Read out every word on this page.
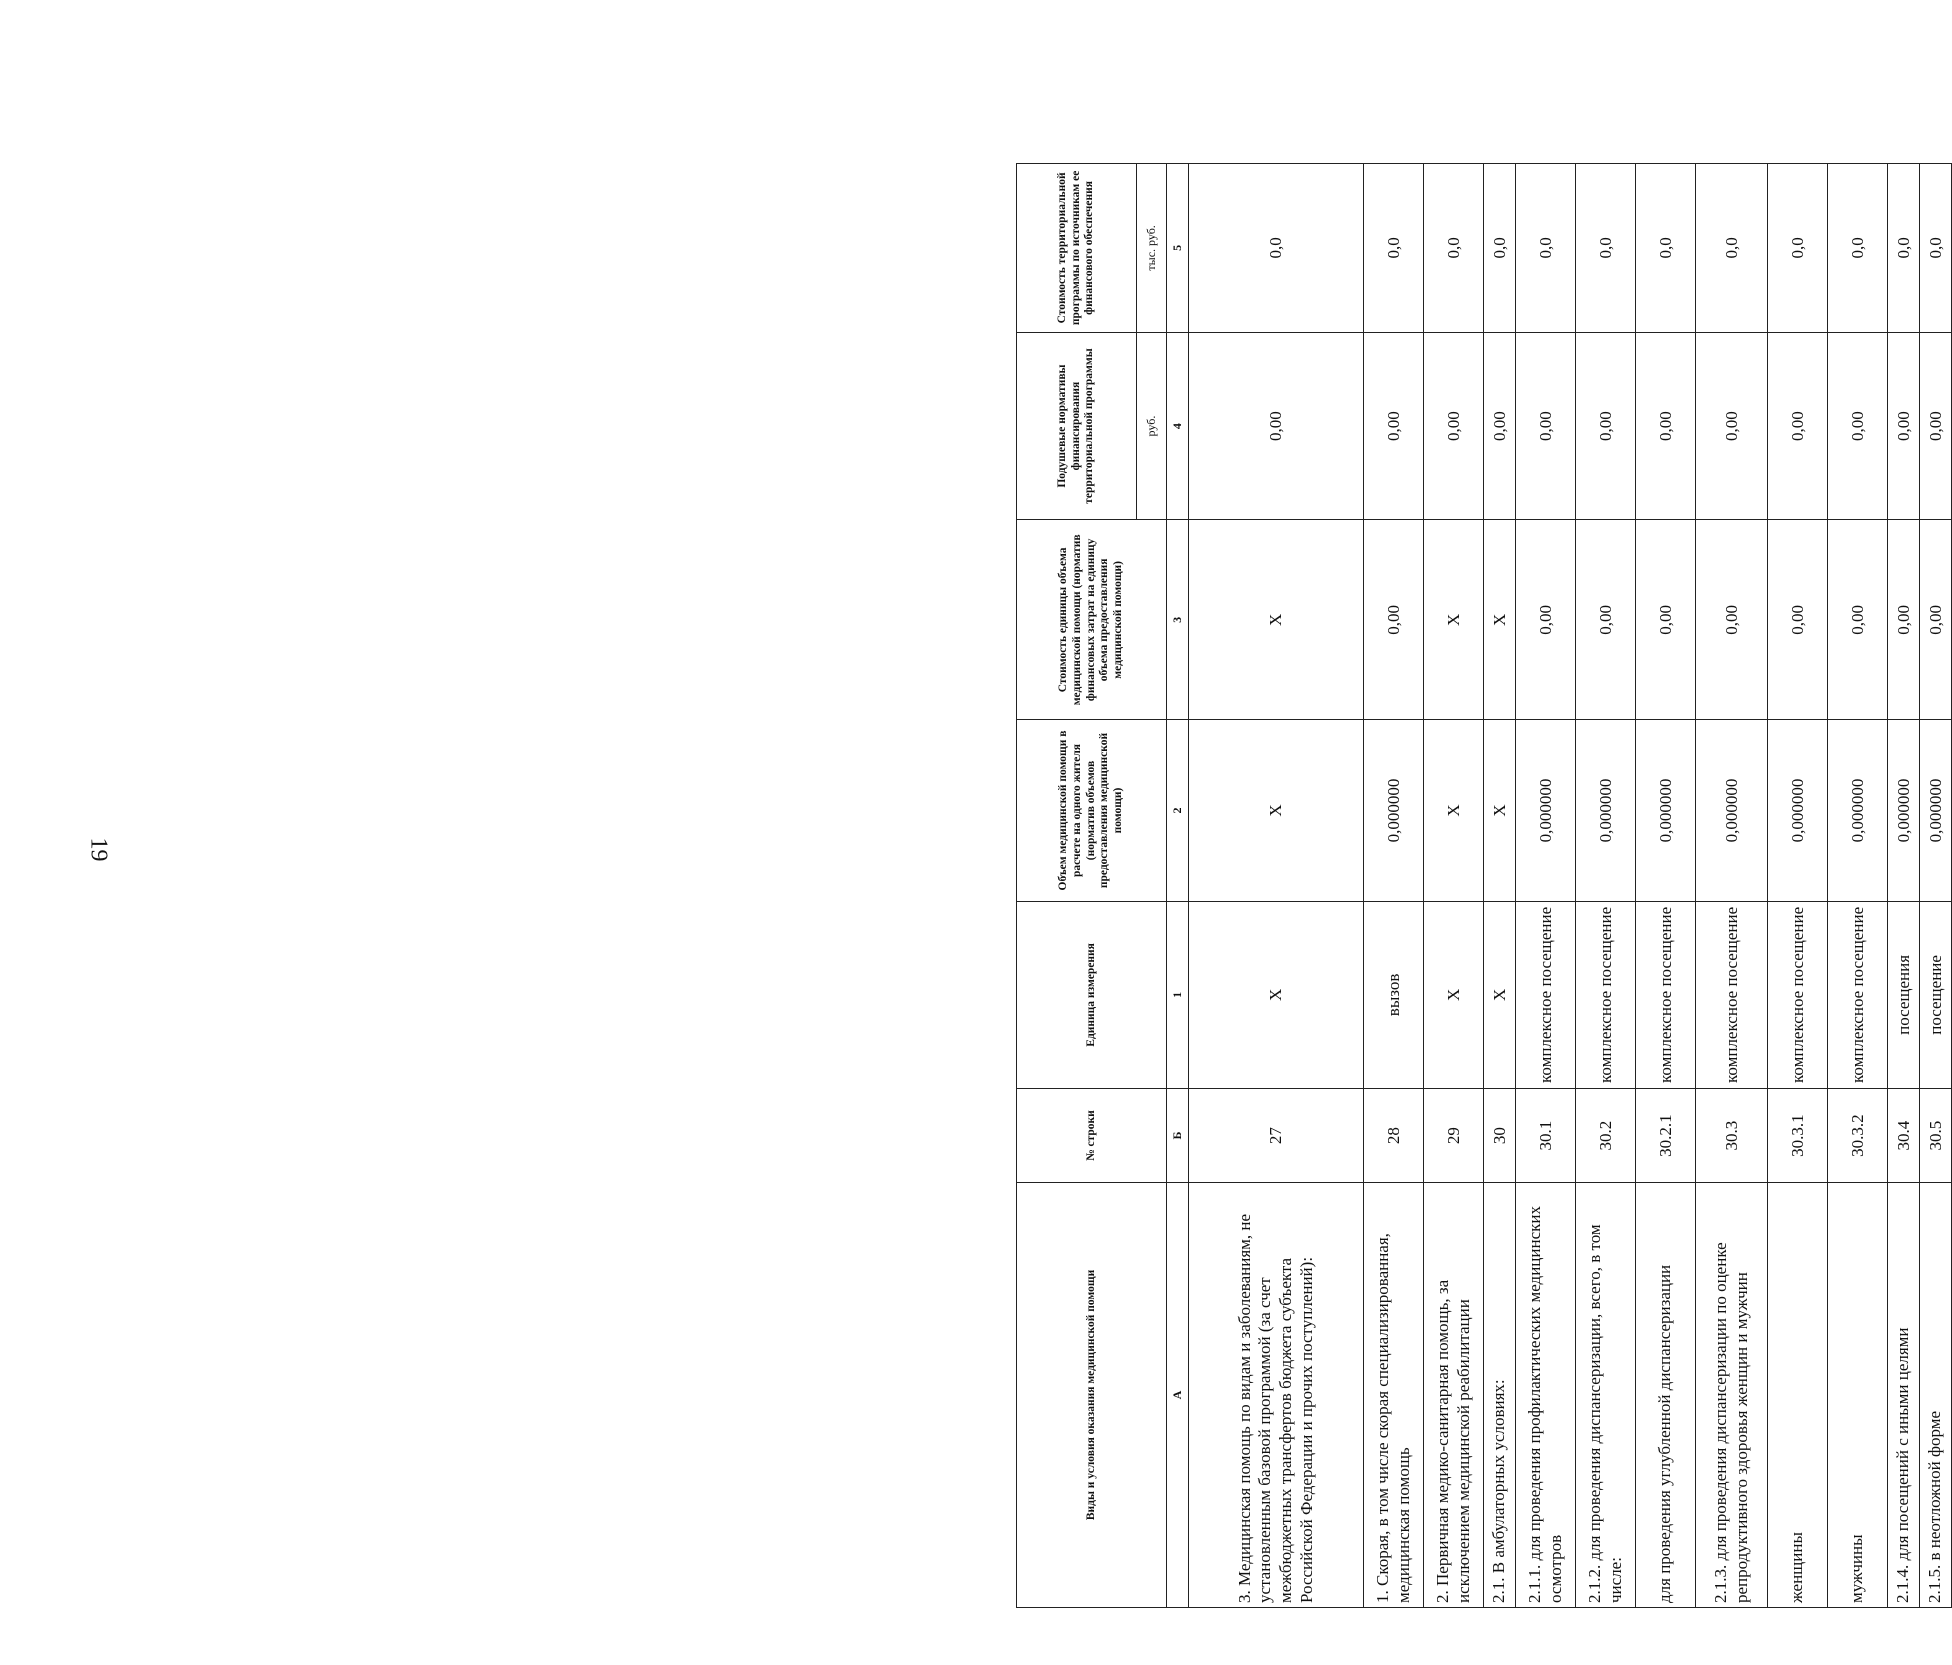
19
Виды и условия оказания медицинской помощи	№ строки	Единица измерения	Объем медицинской помощи в расчете на одного жителя (норматив объемов предоставления медицинской помощи)	Стоимость единицы объема медицинской помощи (норматив финансовых затрат на единицу объема предоставления медицинской помощи)	Подушевые нормативы финансирования территориальной программы	Стоимость территориальной программы по источникам ее финансового обеспечения
					руб.	тыс. руб.
А	Б	1	2	3	4	5
3. Медицинская помощь по видам и заболеваниям, не установленным базовой программой (за счет межбюджетных трансфертов бюджета субъекта Российской Федерации и прочих поступлений):	27	Х	Х	Х	0,00	0,0
1. Скорая, в том числе скорая специализированная, медицинская помощь	28	вызов	0,000000	0,00	0,00	0,0
2. Первичная медико-санитарная помощь, за исключением медицинской реабилитации	29	Х	Х	Х	0,00	0,0
2.1. В амбулаторных условиях:	30	Х	Х	Х	0,00	0,0
2.1.1. для проведения профилактических медицинских осмотров	30.1	комплексное посещение	0,000000	0,00	0,00	0,0
2.1.2. для проведения диспансеризации, всего, в том числе:	30.2	комплексное посещение	0,000000	0,00	0,00	0,0
для проведения углубленной диспансеризации	30.2.1	комплексное посещение	0,000000	0,00	0,00	0,0
2.1.3. для проведения диспансеризации по оценке репродуктивного здоровья женщин и мужчин	30.3	комплексное посещение	0,000000	0,00	0,00	0,0
женщины	30.3.1	комплексное посещение	0,000000	0,00	0,00	0,0
мужчины	30.3.2	комплексное посещение	0,000000	0,00	0,00	0,0
2.1.4. для посещений с иными целями	30.4	посещения	0,000000	0,00	0,00	0,0
2.1.5. в неотложной форме	30.5	посещение	0,000000	0,00	0,00	0,0
